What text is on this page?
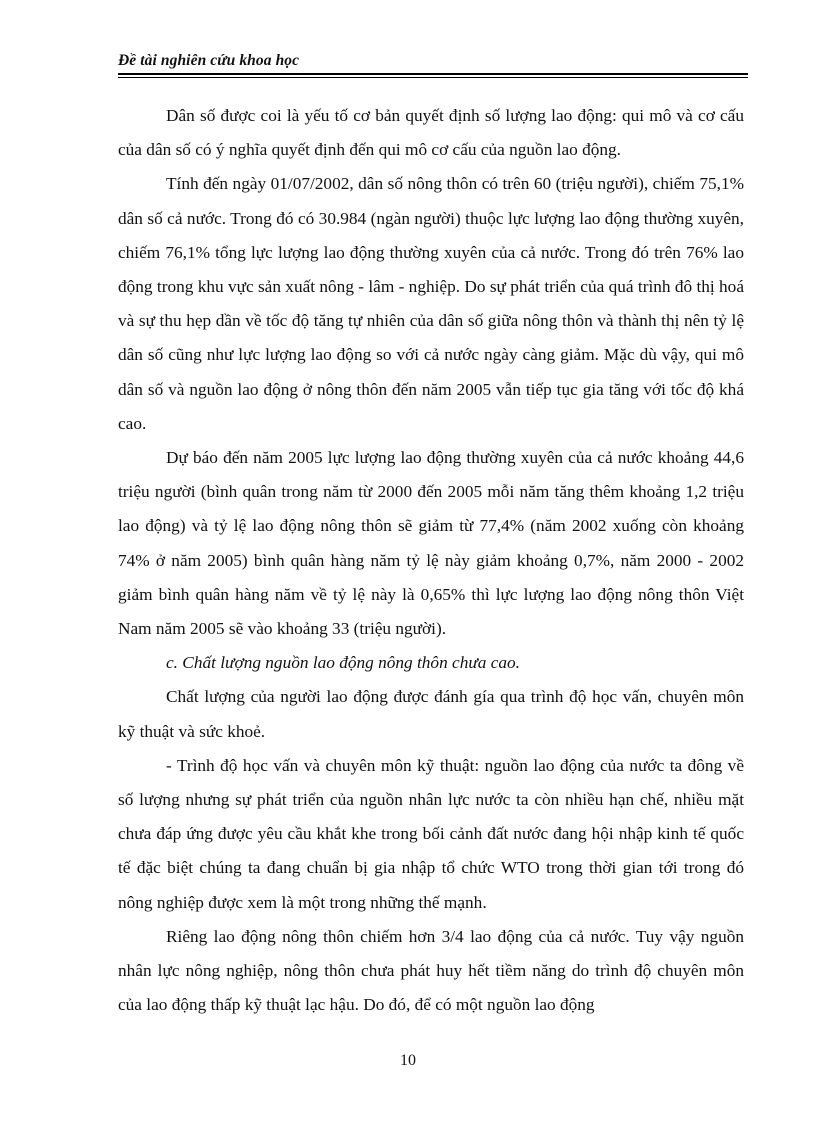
Đề tài nghiên cứu khoa học

Dân số được coi là yếu tố cơ bản quyết định số lượng lao động: qui mô và cơ cấu của dân số có ý nghĩa quyết định đến qui mô cơ cấu của nguồn lao động.

Tính đến ngày 01/07/2002, dân số nông thôn có trên 60 (triệu người), chiếm 75,1% dân số cả nước. Trong đó có 30.984 (ngàn người) thuộc lực lượng lao động thường xuyên, chiếm 76,1% tổng lực lượng lao động thường xuyên của cả nước. Trong đó trên 76% lao động trong khu vực sản xuất nông - lâm - nghiệp. Do sự phát triển của quá trình đô thị hoá và sự thu hẹp dần về tốc độ tăng tự nhiên của dân số giữa nông thôn và thành thị nên tỷ lệ dân số cũng như lực lượng lao động so với cả nước ngày càng giảm. Mặc dù vậy, qui mô dân số và nguồn lao động ở nông thôn đến năm 2005 vẫn tiếp tục gia tăng với tốc độ khá cao.

Dự báo đến năm 2005 lực lượng lao động thường xuyên của cả nước khoảng 44,6 triệu người (bình quân trong năm từ 2000 đến 2005 mỗi năm tăng thêm khoảng 1,2 triệu lao động) và tỷ lệ lao động nông thôn sẽ giảm từ 77,4% (năm 2002 xuống còn khoảng 74% ở năm 2005) bình quân hàng năm tỷ lệ này giảm khoảng 0,7%, năm 2000 - 2002 giảm bình quân hàng năm về tỷ lệ này là 0,65% thì lực lượng lao động nông thôn Việt Nam năm 2005 sẽ vào khoảng 33 (triệu người).

c. Chất lượng nguồn lao động nông thôn chưa cao.

Chất lượng của người lao động được đánh gía qua trình độ học vấn, chuyên môn kỹ thuật và sức khoẻ.

- Trình độ học vấn và chuyên môn kỹ thuật: nguồn lao động của nước ta đông về số lượng nhưng sự phát triển của nguồn nhân lực nước ta còn nhiều hạn chế, nhiều mặt chưa đáp ứng được yêu cầu khắt khe trong bối cảnh đất nước đang hội nhập kinh tế quốc tế đặc biệt chúng ta đang chuẩn bị gia nhập tổ chức WTO trong thời gian tới trong đó nông nghiệp được xem là một trong những thế mạnh.

Riêng lao động nông thôn chiếm hơn 3/4 lao động của cả nước. Tuy vậy nguồn nhân lực nông nghiệp, nông thôn chưa phát huy hết tiềm năng do trình độ chuyên môn của lao động thấp kỹ thuật lạc hậu. Do đó, để có một nguồn lao động

10
